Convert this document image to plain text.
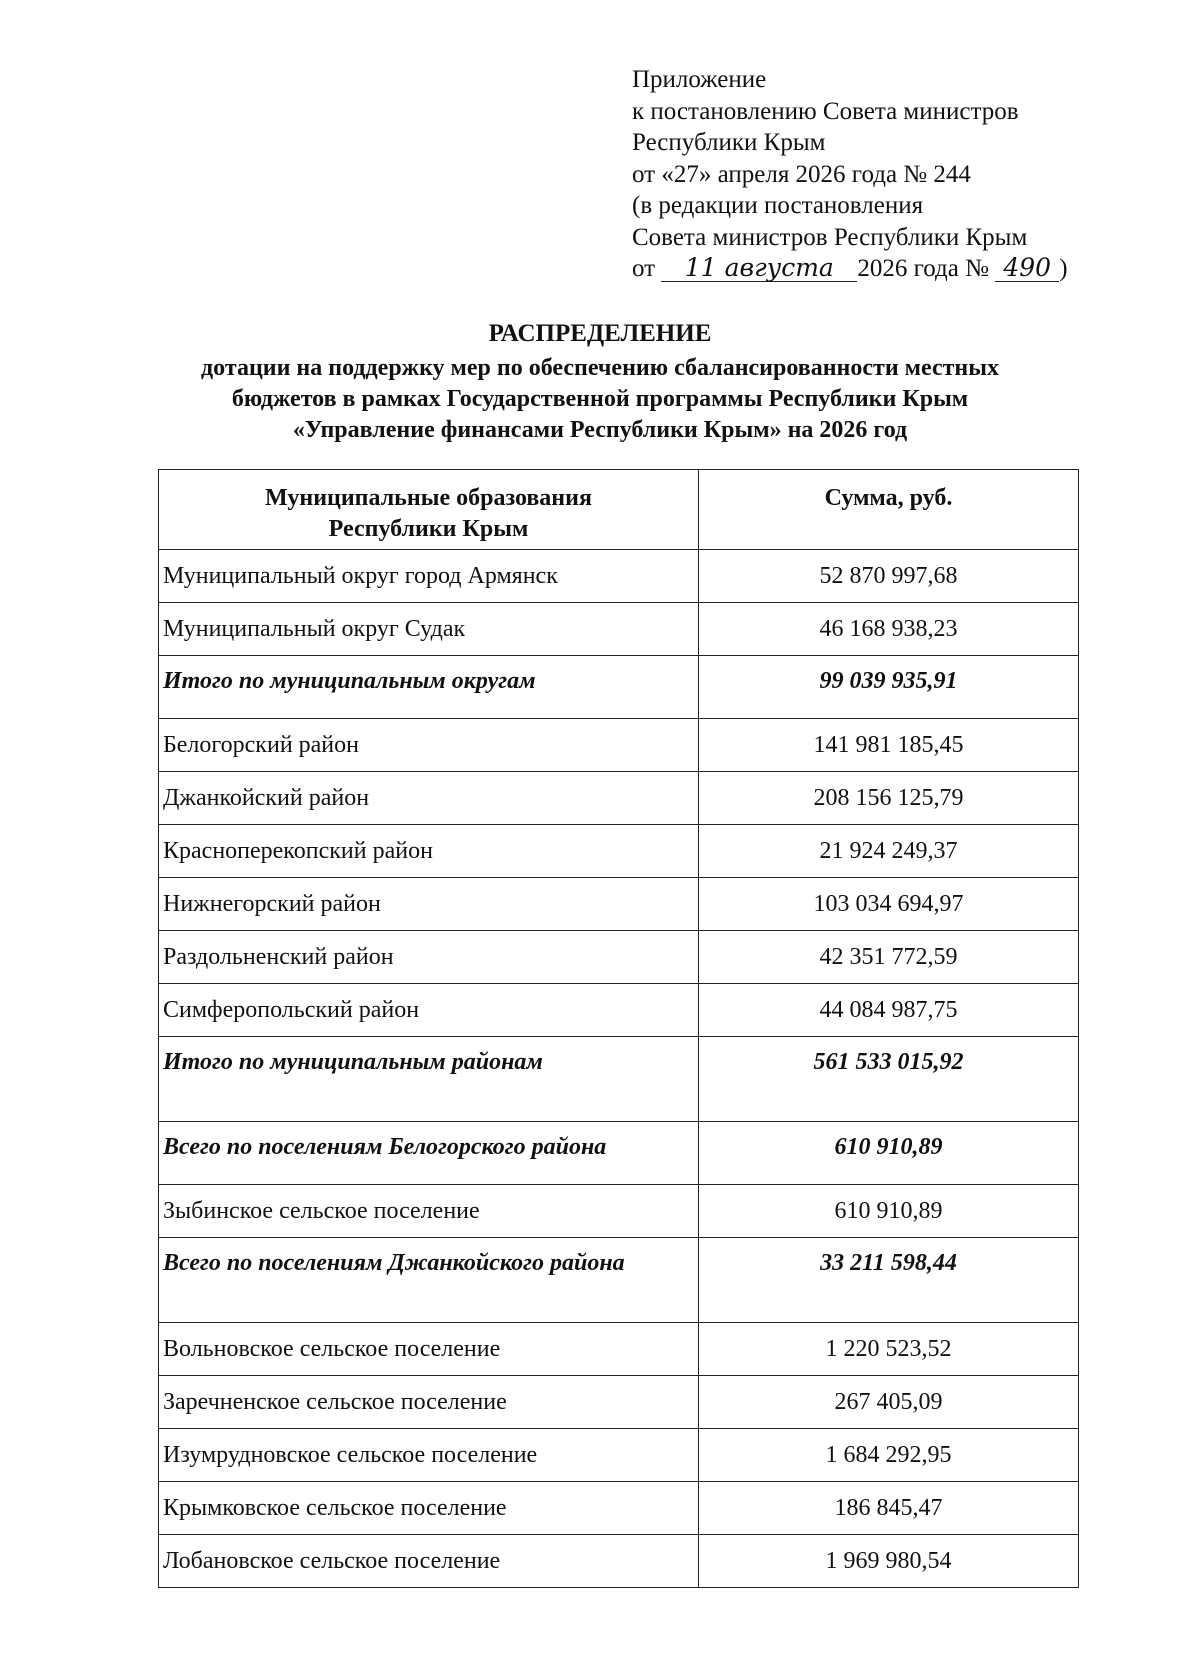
Приложение
к постановлению Совета министров
Республики Крым
от «27» апреля 2026 года № 244
(в редакции постановления
Совета министров Республики Крым
от 11 августа 2026 года № 490 )
РАСПРЕДЕЛЕНИЕ
дотации на поддержку мер по обеспечению сбалансированности местных
бюджетов в рамках Государственной программы Республики Крым
«Управление финансами Республики Крым» на 2026 год
Муниципальные образования
Республики Крым	Сумма, руб.
Муниципальный округ город Армянск	52 870 997,68
Муниципальный округ Судак	46 168 938,23
Итого по муниципальным округам	99 039 935,91
Белогорский район	141 981 185,45
Джанкойский район	208 156 125,79
Красноперекопский район	21 924 249,37
Нижнегорский район	103 034 694,97
Раздольненский район	42 351 772,59
Симферопольский район	44 084 987,75
Итого по муниципальным районам	561 533 015,92
Всего по поселениям Белогорского района	610 910,89
Зыбинское сельское поселение	610 910,89
Всего по поселениям Джанкойского района	33 211 598,44
Вольновское сельское поселение	1 220 523,52
Заречненское сельское поселение	267 405,09
Изумрудновское сельское поселение	1 684 292,95
Крымковское сельское поселение	186 845,47
Лобановское сельское поселение	1 969 980,54
